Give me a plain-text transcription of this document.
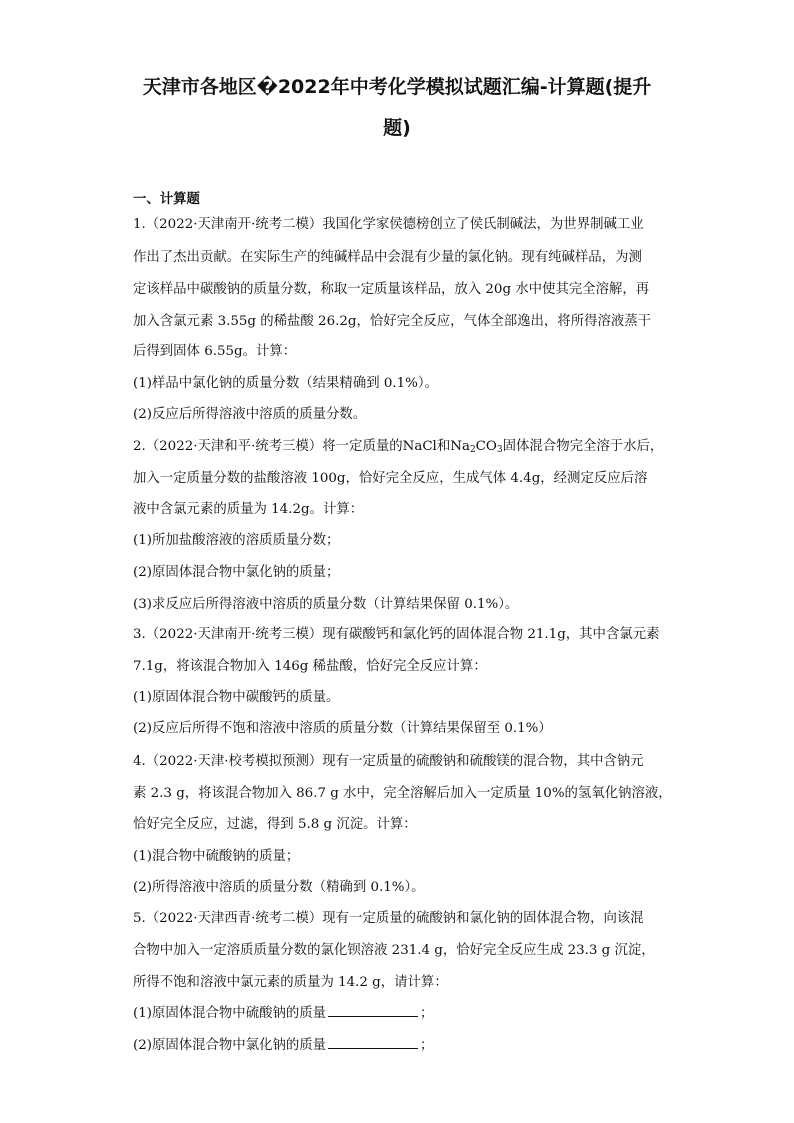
天津市各地区�2022年中考化学模拟试题汇编-计算题(提升
题)
一、计算题
1.（2022·天津南开·统考二模）我国化学家侯德榜创立了侯氏制碱法，为世界制碱工业
作出了杰出贡献。在实际生产的纯碱样品中会混有少量的氯化钠。现有纯碱样品，为测
定该样品中碳酸钠的质量分数，称取一定质量该样品，放入 20g 水中使其完全溶解，再
加入含氯元素 3.55g 的稀盐酸 26.2g，恰好完全反应，气体全部逸出，将所得溶液蒸干
后得到固体 6.55g。计算：
(1)样品中氯化钠的质量分数（结果精确到 0.1%）。
(2)反应后所得溶液中溶质的质量分数。
2.（2022·天津和平·统考三模）将一定质量的NaCl和$Na_2CO_3$固体混合物完全溶于水后，
加入一定质量分数的盐酸溶液 100g，恰好完全反应，生成气体 4.4g，经测定反应后溶
液中含氯元素的质量为 14.2g。计算：
(1)所加盐酸溶液的溶质质量分数；
(2)原固体混合物中氯化钠的质量；
(3)求反应后所得溶液中溶质的质量分数（计算结果保留 0.1%）。
3.（2022·天津南开·统考三模）现有碳酸钙和氯化钙的固体混合物 21.1g，其中含氯元素
7.1g，将该混合物加入 146g 稀盐酸，恰好完全反应计算：
(1)原固体混合物中碳酸钙的质量。
(2)反应后所得不饱和溶液中溶质的质量分数（计算结果保留至 0.1%）
4.（2022·天津·校考模拟预测）现有一定质量的硫酸钠和硫酸镁的混合物，其中含钠元
素 2.3 g，将该混合物加入 86.7 g 水中，完全溶解后加入一定质量 10%的氢氧化钠溶液，
恰好完全反应，过滤，得到 5.8 g 沉淀。计算：
(1)混合物中硫酸钠的质量；
(2)所得溶液中溶质的质量分数（精确到 0.1%）。
5.（2022·天津西青·统考二模）现有一定质量的硫酸钠和氯化钠的固体混合物，向该混
合物中加入一定溶质质量分数的氯化钡溶液 231.4 g，恰好完全反应生成 23.3 g 沉淀，
所得不饱和溶液中氯元素的质量为 14.2 g，请计算：
(1)原固体混合物中硫酸钠的质量	；
(2)原固体混合物中氯化钠的质量	；
